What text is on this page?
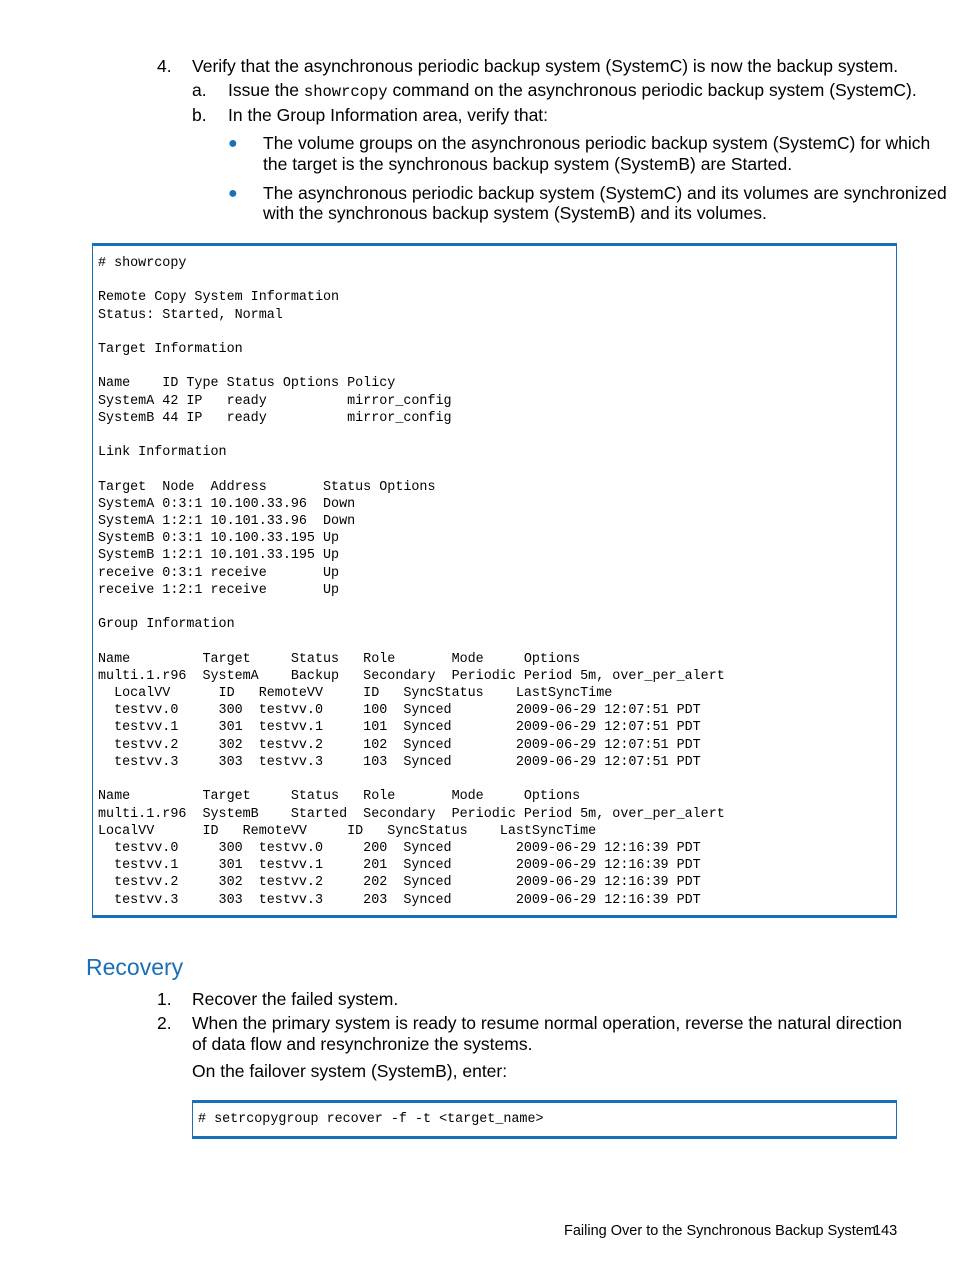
4. Verify that the asynchronous periodic backup system (SystemC) is now the backup system.
a. Issue the showrcopy command on the asynchronous periodic backup system (SystemC).
b. In the Group Information area, verify that:
● The volume groups on the asynchronous periodic backup system (SystemC) for which
the target is the synchronous backup system (SystemB) are Started.
● The asynchronous periodic backup system (SystemC) and its volumes are synchronized
with the synchronous backup system (SystemB) and its volumes.
# showrcopy

Remote Copy System Information
Status: Started, Normal

Target Information

Name    ID Type Status Options Policy
SystemA 42 IP   ready          mirror_config
SystemB 44 IP   ready          mirror_config

Link Information

Target  Node  Address       Status Options
SystemA 0:3:1 10.100.33.96  Down
SystemA 1:2:1 10.101.33.96  Down
SystemB 0:3:1 10.100.33.195 Up
SystemB 1:2:1 10.101.33.195 Up
receive 0:3:1 receive       Up
receive 1:2:1 receive       Up

Group Information

Name         Target     Status   Role       Mode     Options
multi.1.r96  SystemA    Backup   Secondary  Periodic Period 5m, over_per_alert
LocalVV      ID   RemoteVV     ID   SyncStatus    LastSyncTime
testvv.0     300  testvv.0     100  Synced        2009-06-29 12:07:51 PDT
testvv.1     301  testvv.1     101  Synced        2009-06-29 12:07:51 PDT
testvv.2     302  testvv.2     102  Synced        2009-06-29 12:07:51 PDT
testvv.3     303  testvv.3     103  Synced        2009-06-29 12:07:51 PDT

Name         Target     Status   Role       Mode     Options
multi.1.r96  SystemB    Started  Secondary  Periodic Period 5m, over_per_alert
LocalVV      ID   RemoteVV     ID   SyncStatus    LastSyncTime
testvv.0     300  testvv.0     200  Synced        2009-06-29 12:16:39 PDT
testvv.1     301  testvv.1     201  Synced        2009-06-29 12:16:39 PDT
testvv.2     302  testvv.2     202  Synced        2009-06-29 12:16:39 PDT
testvv.3     303  testvv.3     203  Synced        2009-06-29 12:16:39 PDT
Recovery
1. Recover the failed system.
2. When the primary system is ready to resume normal operation, reverse the natural direction
of data flow and resynchronize the systems.
On the failover system (SystemB), enter:
# setrcopygroup recover -f -t <target_name>
Failing Over to the Synchronous Backup System
143
